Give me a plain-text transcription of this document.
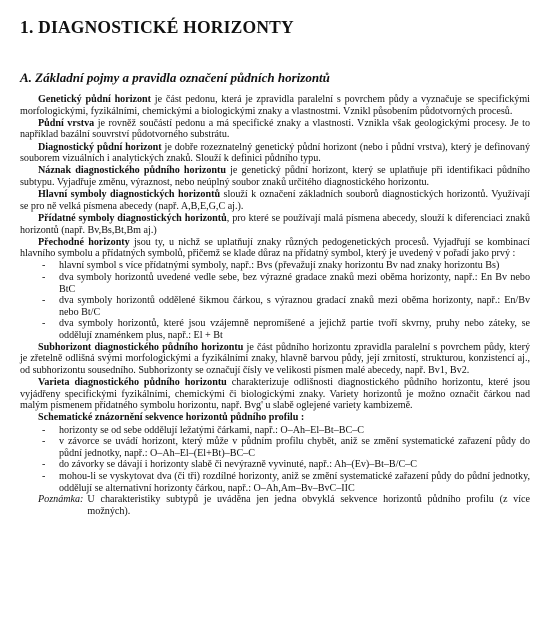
1. DIAGNOSTICKÉ HORIZONTY
A. Základní pojmy a pravidla označení půdních horizontů

Genetický půdní horizont je část pedonu, která je zpravidla paralelní s povrchem půdy a vyznačuje se specifickými morfologickými, fyzikálními, chemickými a biologickými znaky a vlastnostmi. Vznikl působením půdotvorných procesů.

Půdní vrstva je rovněž součástí pedonu a má specifické znaky a vlastnosti. Vznikla však geologickými procesy. Je to například bazální souvrství půdotvorného substrátu.

Diagnostický půdní horizont je dobře rozeznatelný genetický půdní horizont (nebo i půdní vrstva), který je definovaný souborem vizuálních i analytických znaků. Slouží k definici půdního typu.

Náznak diagnostického půdního horizontu je genetický půdní horizont, který se uplatňuje při identifikaci půdního subtypu. Vyjadřuje změnu, výraznost, nebo neúplný soubor znaků určitého diagnostického horizontu.

Hlavní symboly diagnostických horizontů slouží k označení základních souborů diagnostických horizontů. Využívají se pro ně velká písmena abecedy (např. A,B,E,G,C aj.).

Přídatné symboly diagnostických horizontů, pro které se používají malá písmena abecedy, slouží k diferenciaci znaků horizontů (např. Bv,Bs,Bt,Bm aj.)

Přechodné horizonty jsou ty, u nichž se uplatňují znaky různých pedogenetických procesů. Vyjadřují se kombinací hlavního symbolu a přídatných symbolů, přičemž se klade důraz na přídatný symbol, který je uvedený v pořadí jako prvý :

- hlavní symbol s více přídatnými symboly, např.: Bvs (převažují znaky horizontu Bv nad znaky horizontu Bs)
- dva symboly horizontů uvedené vedle sebe, bez výrazné gradace znaků mezi oběma horizonty, např.: En Bv nebo BtC
- dva symboly horizontů oddělené šikmou čárkou, s výraznou gradací znaků mezi oběma horizonty, např.: En/Bv nebo Bt/C
- dva symboly horizontů, které jsou vzájemně nepromíšené a jejichž partie tvoří skvrny, pruhy nebo záteky, se oddělují znaménkem plus, např.: El + Bt

Subhorizont diagnostického půdního horizontu je část půdního horizontu zpravidla paralelní s povrchem půdy, který je zřetelně odlišná svými morfologickými a fyzikálními znaky, hlavně barvou půdy, její zrnitostí, strukturou, konzistencí aj., od subhorizontu sousedního. Subhorizonty se označují čísly ve velikosti písmen malé abecedy, např. Bv1, Bv2.

Varieta diagnostického půdního horizontu charakterizuje odlišnosti diagnostického půdního horizontu, které jsou vyjádřeny specifickými fyzikálními, chemickými či biologickými znaky. Variety horizontů je možno označit čárkou nad malým písmenem přídatného symbolu horizontu, např. Bvg' u slabě oglejené variety kambizemě.

Schematické znázornění sekvence horizontů půdního profilu :

- horizonty se od sebe oddělují ležatými čárkami, např.: O–Ah–El–Bt–BC–C
- v závorce se uvádí horizont, který může v půdním profilu chybět, aniž se změní systematické zařazení půdy do půdní jednotky, např.: O–Ah–El–(El+Bt)–BC–C
- do závorky se dávají i horizonty slabě či nevýrazně vyvinuté, např.: Ah–(Ev)–Bt–B/C–C
- mohou-li se vyskytovat dva (či tři) rozdílné horizonty, aniž se změní systematické zařazení půdy do půdní jednotky, oddělují se alternativní horizonty čárkou, např.: O–Ah,Am–Bv–BvC–IIC
Poznámka: U charakteristiky subtypů je uváděna jen jedna obvyklá sekvence horizontů půdního profilu (z více možných).
